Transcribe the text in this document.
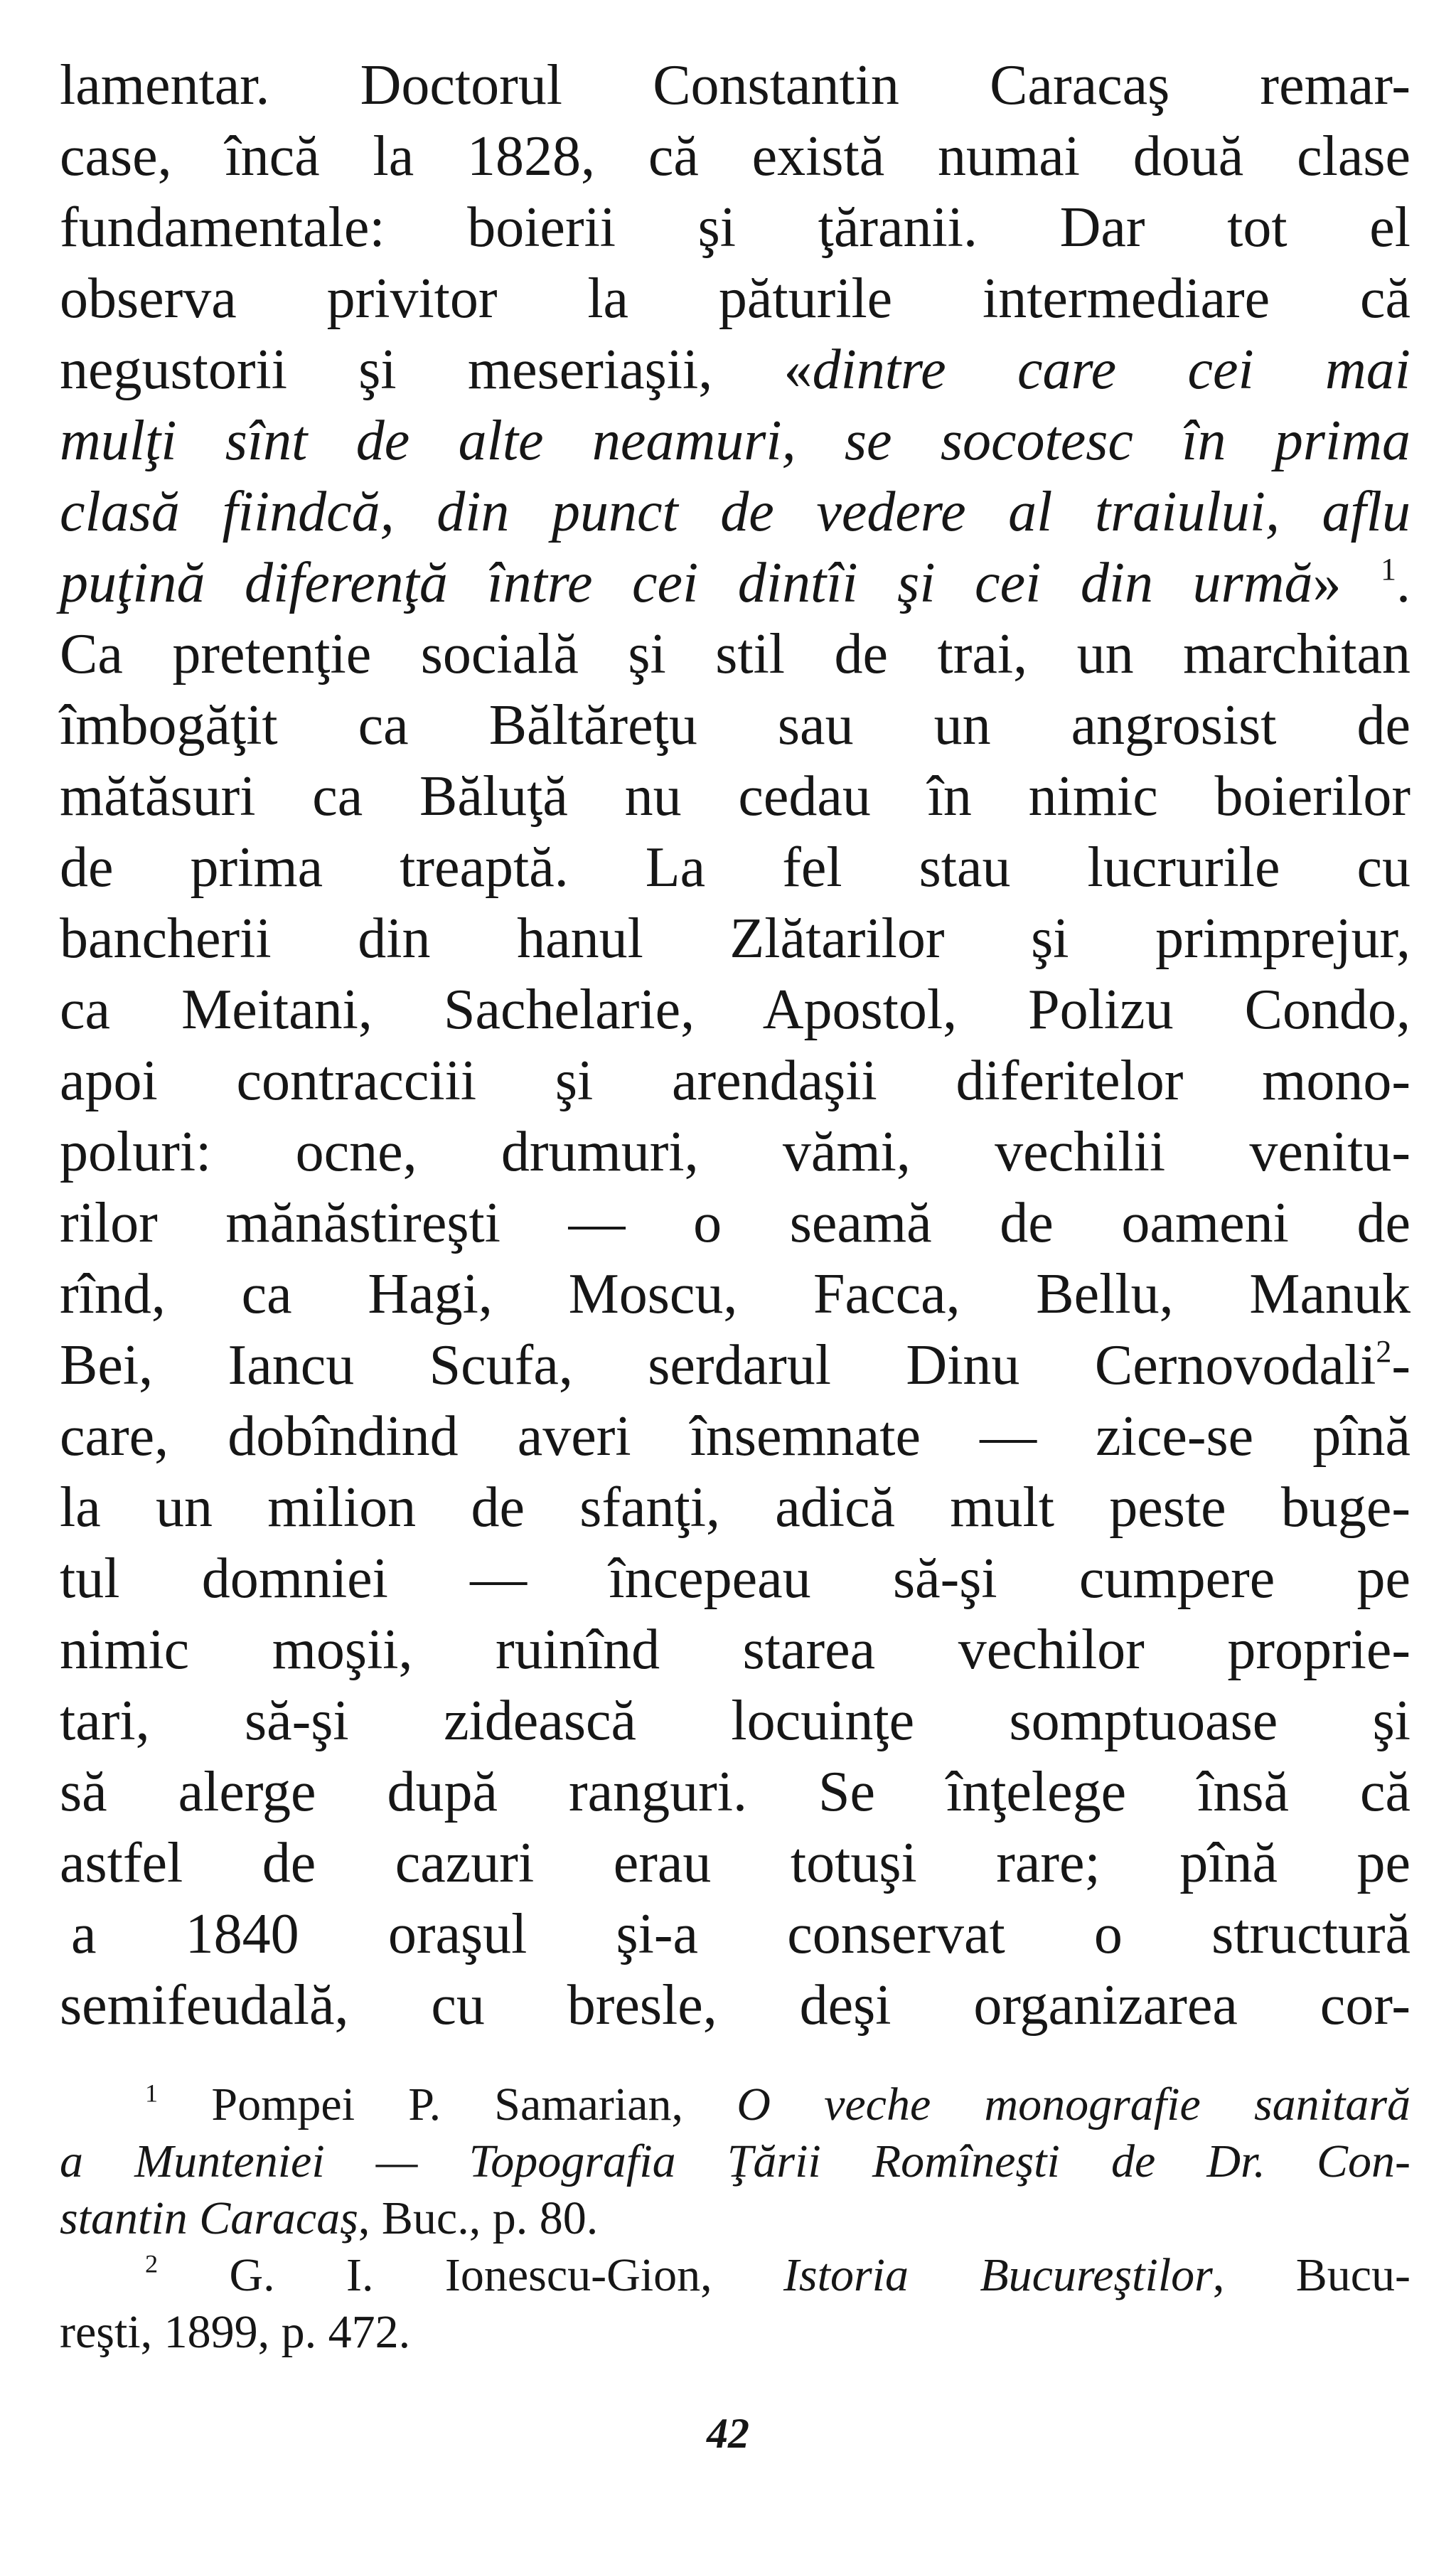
lamentar. Doctorul Constantin Caracaş remar-
case, încă la 1828, că există numai două clase
fundamentale: boierii şi ţăranii. Dar tot el
observa privitor la păturile intermediare că
negustorii şi meseriaşii, «dintre care cei mai
mulţi sînt de alte neamuri, se socotesc în prima
clasă fiindcă, din punct de vedere al traiului, aflu
puţină diferenţă între cei dintîi şi cei din urmă» $^1$.
Ca pretenţie socială şi stil de trai, un marchitan
îmbogăţit ca Băltăreţu sau un angrosist de
mătăsuri ca Băluţă nu cedau în nimic boierilor
de prima treaptă. La fel stau lucrurile cu
bancherii din hanul Zlătarilor şi primprejur,
ca Meitani, Sachelarie, Apostol, Polizu Condo,
apoi contracciii şi arendaşii diferitelor mono-
poluri: ocne, drumuri, vămi, vechilii venitu-
rilor mănăstireşti — o seamă de oameni de
rînd, ca Hagi, Moscu, Facca, Bellu, Manuk
Bei, Iancu Scufa, serdarul Dinu Cernovodali$^2$-
care, dobîndind averi însemnate — zice-se pînă
la un milion de sfanţi, adică mult peste buge-
tul domniei — începeau să-şi cumpere pe
nimic moşii, ruinînd starea vechilor proprie-
tari, să-şi zidească locuinţe somptuoase şi
să alerge după ranguri. Se înţelege însă că
astfel de cazuri erau totuşi rare; pînă pe
a 1840 oraşul şi-a conservat o structură
semifeudală, cu bresle, deşi organizarea cor-
$^1$ Pompei P. Samarian, O veche monografie sanitară
a Munteniei — Topografia Ţării Romîneşti de Dr. Con-
stantin Caracaş, Buc., p. 80.
$^2$ G. I. Ionescu-Gion, Istoria Bucureştilor, Bucu-
reşti, 1899, p. 472.
42
